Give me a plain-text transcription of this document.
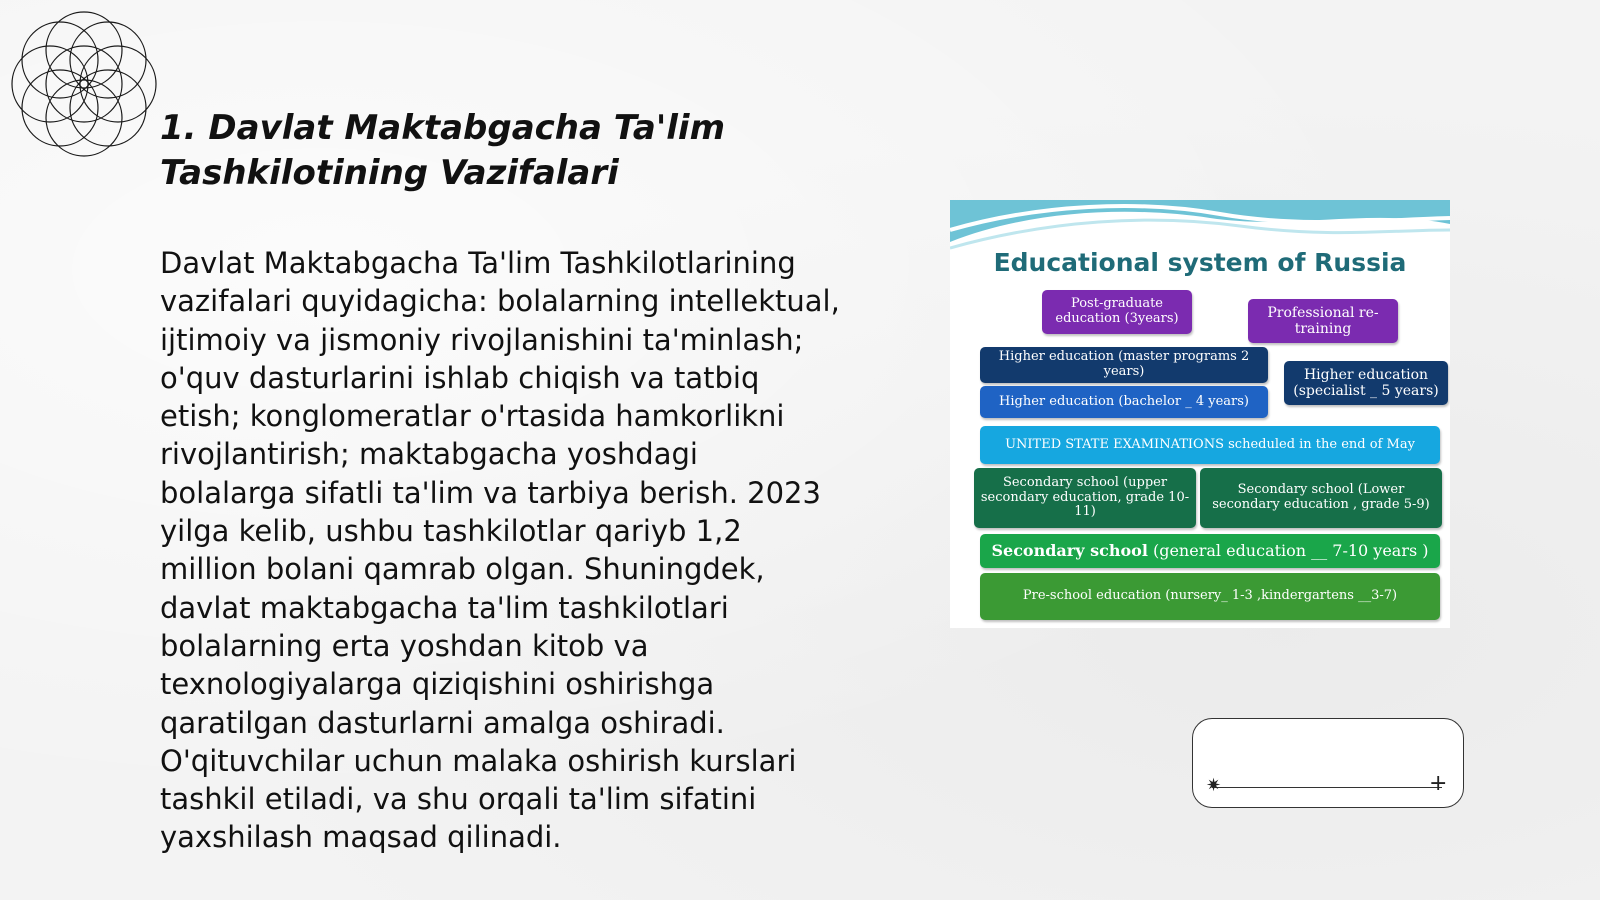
1. Davlat Maktabgacha Ta'lim Tashkilotining Vazifalari

Davlat Maktabgacha Ta'lim Tashkilotlarining vazifalari quyidagicha: bolalarning intellektual, ijtimoiy va jismoniy rivojlanishini ta'minlash; o'quv dasturlarini ishlab chiqish va tatbiq etish; konglomeratlar o'rtasida hamkorlikni rivojlantirish; maktabgacha yoshdagi bolalarga sifatli ta'lim va tarbiya berish. 2023 yilga kelib, ushbu tashkilotlar qariyb 1,2 million bolani qamrab olgan. Shuningdek, davlat maktabgacha ta'lim tashkilotlari bolalarning erta yoshdan kitob va texnologiyalarga qiziqishini oshirishga qaratilgan dasturlarni amalga oshiradi. O'qituvchilar uchun malaka oshirish kurslari tashkil etiladi, va shu orqali ta'lim sifatini yaxshilash maqsad qilinadi.

Educational system of Russia
Post-graduate education (3years)	Professional re-training
Higher education (master programs 2 years)	Higher education (specialist _ 5 years)
Higher education (bachelor _ 4 years)
UNITED STATE EXAMINATIONS scheduled in the end of May
Secondary school (upper secondary education, grade 10-11)
Secondary school (Lower secondary education , grade 5-9)
Secondary school (general education __ 7-10 years )
Pre-school education (nursery_ 1-3 ,kindergartens __3-7)
✷	+
